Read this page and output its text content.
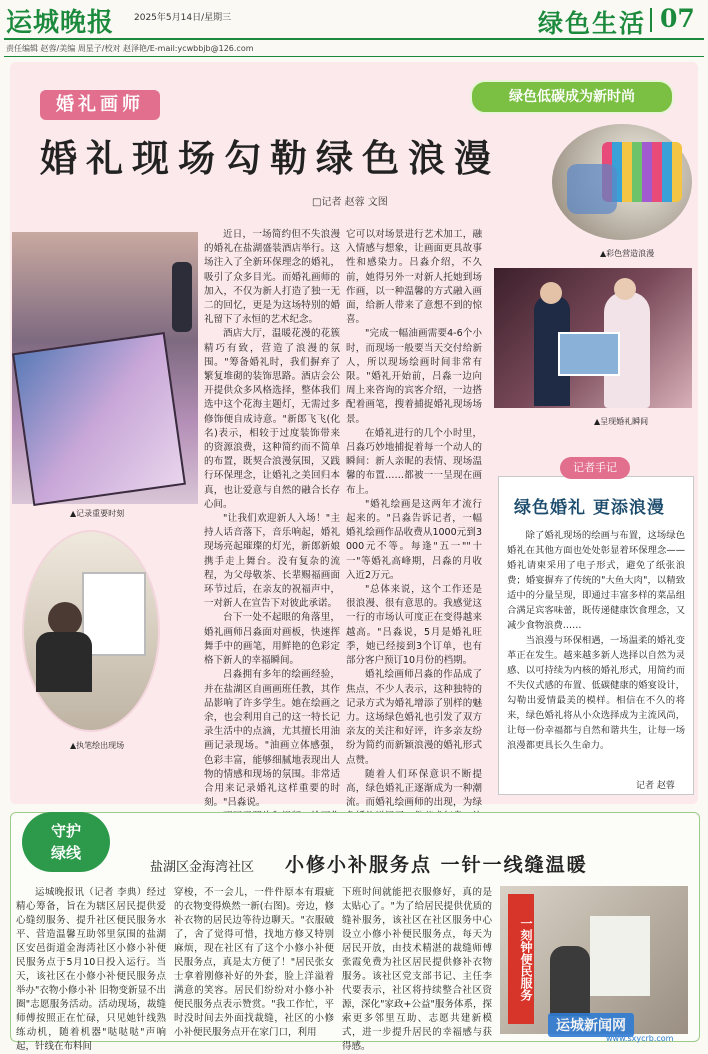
运城晚报 2025年5月14日/星期三	绿色生活 07
责任编辑 赵蓉/美编 周星子/校对 赵泽艳/E-mail:ycwbbjb@126.com
婚礼画师	绿色低碳成为新时尚
婚礼现场勾勒绿色浪漫
□记者 赵蓉 文图
▲彩色营造浪漫
▲记录重要时刻
▲执笔绘出现场
▲呈现婚礼瞬间

近日，一场简约但不失浪漫的婚礼在盐湖盛装酒店举行。这场注入了全新环保理念的婚礼，吸引了众多目光。而婚礼画师的加入，不仅为新人打造了独一无二的回忆，更是为这场特别的婚礼留下了永恒的艺术纪念。

酒店大厅，温暖花漫的花簇精巧有致，营造了浪漫的氛围。"筹备婚礼时，我们摒弃了繁复堆砌的装饰思路。酒店会公开提供众多风格选择，整体我们选中这个花海主题灯，无需过多修饰便自成诗意。"新郎飞飞(化名)表示，相较于过度装饰带来的资源浪费，这种简约而不简单的布置，既契合浪漫氛围，又践行环保理念，让婚礼之美回归本真，也让爱意与自然的融合长存心间。

"让我们欢迎新人入场！"主持人话音落下，音乐响起，婚礼现场亮起璀璨的灯光，新郎新娘携手走上舞台。没有复杂的流程，为父母敬茶、长辈赐福画面环节过后，在亲友的祝福声中，一对新人在宣告下对彼此承诺。

台下一处不起眼的角落里，婚礼画师吕淼面对画板，快速挥舞手中的画笔，用鲜艳的色彩定格下新人的幸福瞬间。

吕淼拥有多年的绘画经验，并在盐湖区自画画班任教，其作品影响了许多学生。她在绘画之余，也会利用自己的这一特长记录生活中的点滴，尤其擅长用油画记录现场。"油画立体感强，色彩丰富，能够细腻地表现出人物的情感和现场的氛围。非常适合用来记录婚礼这样重要的时刻。"吕淼说。

它可以对场景进行艺术加工，融入情感与想象，让画面更具故事性和感染力。吕淼介绍，不久前，她得另外一对新人托她到场作画，以一种温馨的方式融入画面，给新人带来了意想不到的惊喜。

"完成一幅油画需要4-6个小时，而现场一般要当天交付给新人，所以现场绘画时间非常有限。"婚礼开始前，吕淼一边向周上来咨询的宾客介绍，一边搭配着画笔，搜着捕捉婚礼现场场景。

在婚礼进行的几个小时里，吕淼巧妙地捕捉着每一个动人的瞬间：新人亲昵的表情、现场温馨的布置……都被一一呈现在画布上。

"婚礼绘画是这两年才流行起来的。"吕淼告诉记者，一幅婚礼绘画作品收费从1000元到3000元不等。每逢"五一""十一"等婚礼高峰期，吕淼的月收入近2万元。

"总体来说，这个工作还是很浪漫、很有意思的。我感觉这一行的市场认可度正在变得越来越高。"吕淼说，5月是婚礼旺季，她已经接到3个订单，也有部分客户预订10月份的档期。

婚礼绘画师吕淼的作品成了焦点，不少人表示，这种独特的记录方式为婚礼增添了别样的魅力。这场绿色婚礼也引发了双方亲友的关注和好评，许多亲友纷纷为简约而新颖浪漫的婚礼形式点赞。

随着人们环保意识不断提高，绿色婚礼正逐渐成为一种潮流。而婚礼绘画师的出现，为绿

记者手记
绿色婚礼 更添浪漫

除了婚礼现场的绘画与布置，这场绿色婚礼在其他方面也处处彰显着环保理念——婚礼请柬采用了电子形式，避免了纸张浪费；婚宴摒弃了传统的"大鱼大肉"，以精致适中的分量呈现，即通过丰富多样的菜品组合满足宾客味蕾，既传递健康饮食理念，又减少食物浪费……

当浪漫与环保相遇，一场温柔的婚礼变革正在发生。越来越多新人选择以自然为灵感、以可持续为内核的婚礼形式，用简约而不失仪式感的布置、低碳健康的婚宴设计，勾勒出爱情最美的模样。相信在不久的将来，绿色婚礼将从小众选择成为主流风尚，让每一份幸福都与自然和谐共生，让每一场浪漫都更具长久生命力。

记者 赵蓉
守护
绿线
盐湖区金海湾社区 小修小补服务点 一针一线缝温暖
运城晚报讯（记者 李典）经过精心筹备，旨在为辖区居民提供爱心缝纫服务、提升社区便民服务水平、营造温馨互助邻里氛围的盐湖区安邑街道金海湾社区小修小补便民服务点于5月10日投入运行。当天，该社区在小修小补便民服务点举办"衣物小修小补 旧物变新显不出圈"志愿服务活动。活动现场，裁缝师傅按照正在忙碌，只见她针线熟练动机，随着机器"哒哒哒"声响起，针线在布料间
穿梭，不一会儿，一件件原本有瑕疵的衣物变得焕然一新(右图)。旁边，修补衣物的居民边等待边聊天。"衣服破了，舍了觉得可惜，找地方修又特别麻烦，现在社区有了这个小修小补便民服务点，真是太方便了！"居民张女士拿着刚修补好的外套，脸上洋溢着满意的笑容。居民们纷纷对小修小补便民服务点表示赞赏。"我工作忙，平时没时间去外面找裁缝，社区的小修小补便民服务点开在家门口，利用
下班时间就能把衣服修好，真的是太贴心了。"为了给居民提供优质的缝补服务，该社区在社区服务中心设立小修小补便民服务点，每天为居民开放，由技术精湛的裁缝师傅张霞免费为社区居民提供修补衣物服务。该社区党支部书记、主任李代要表示，社区将持续整合社区资源，深化"家政+公益"服务体系，探索更多邻里互助、志愿共建新模式，进一步提升居民的幸福感与获得感。
一刻钟便民服务
运城新闻网
www.sxycrb.com
